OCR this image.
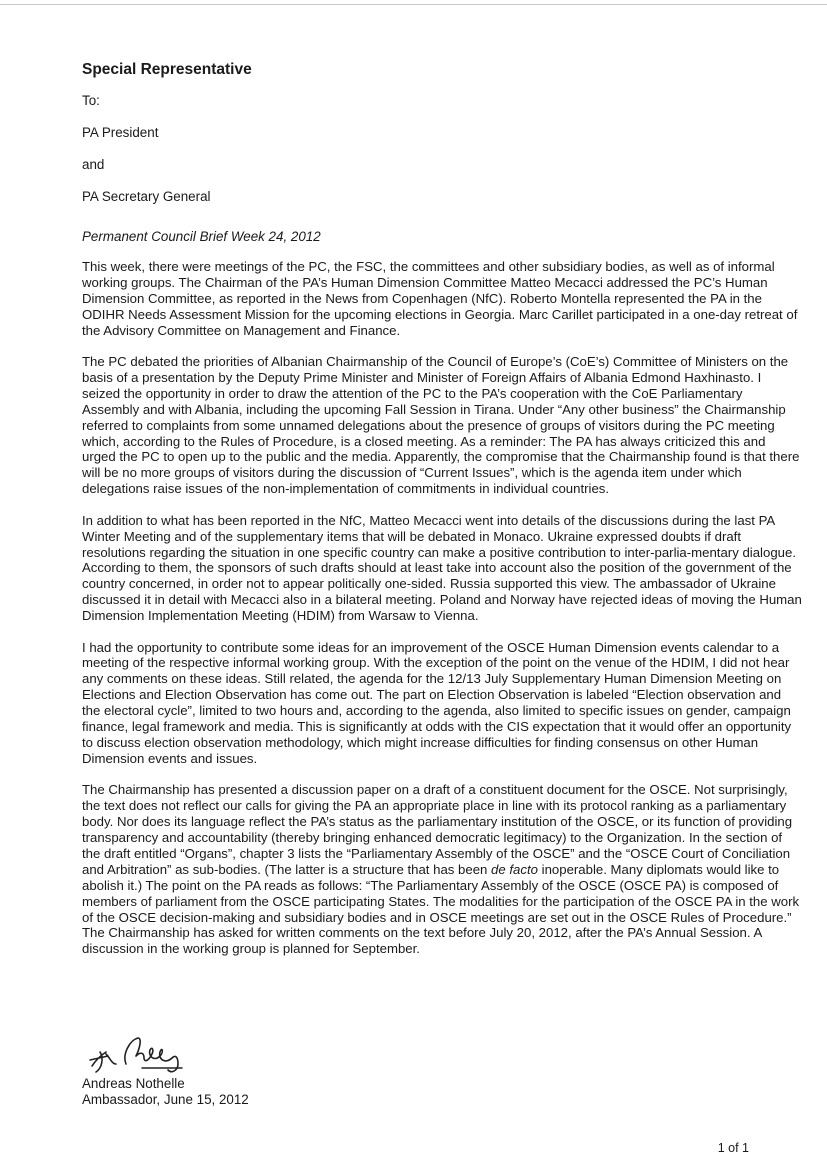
Special Representative

To:

PA President

and

PA Secretary General

Permanent Council Brief Week 24, 2012

This week, there were meetings of the PC, the FSC, the committees and other subsidiary bodies, as well as of informal working groups. The Chairman of the PA’s Human Dimension Committee Matteo Mecacci addressed the PC’s Human Dimension Committee, as reported in the News from Copenhagen (NfC). Roberto Montella represented the PA in the ODIHR Needs Assessment Mission for the upcoming elections in Georgia. Marc Carillet participated in a one-day retreat of the Advisory Committee on Management and Finance.

The PC debated the priorities of Albanian Chairmanship of the Council of Europe’s (CoE’s) Committee of Ministers on the basis of a presentation by the Deputy Prime Minister and Minister of Foreign Affairs of Albania Edmond Haxhinasto. I seized the opportunity in order to draw the attention of the PC to the PA’s cooperation with the CoE Parliamentary Assembly and with Albania, including the upcoming Fall Session in Tirana. Under “Any other business” the Chairmanship referred to complaints from some unnamed delegations about the presence of groups of visitors during the PC meeting which, according to the Rules of Procedure, is a closed meeting. As a reminder: The PA has always criticized this and urged the PC to open up to the public and the media. Apparently, the compromise that the Chairmanship found is that there will be no more groups of visitors during the discussion of “Current Issues”, which is the agenda item under which delegations raise issues of the non-implementation of commitments in individual countries.

In addition to what has been reported in the NfC, Matteo Mecacci went into details of the discussions during the last PA Winter Meeting and of the supplementary items that will be debated in Monaco. Ukraine expressed doubts if draft resolutions regarding the situation in one specific country can make a positive contribution to inter-parlia-mentary dialogue. According to them, the sponsors of such drafts should at least take into account also the position of the government of the country concerned, in order not to appear politically one-sided. Russia supported this view. The ambassador of Ukraine discussed it in detail with Mecacci also in a bilateral meeting. Poland and Norway have rejected ideas of moving the Human Dimension Implementation Meeting (HDIM) from Warsaw to Vienna.

I had the opportunity to contribute some ideas for an improvement of the OSCE Human Dimension events calendar to a meeting of the respective informal working group. With the exception of the point on the venue of the HDIM, I did not hear any comments on these ideas. Still related, the agenda for the 12/13 July Supplementary Human Dimension Meeting on Elections and Election Observation has come out. The part on Election Observation is labeled “Election observation and the electoral cycle”, limited to two hours and, according to the agenda, also limited to specific issues on gender, campaign finance, legal framework and media. This is significantly at odds with the CIS expectation that it would offer an opportunity to discuss election observation methodology, which might increase difficulties for finding consensus on other Human Dimension events and issues.

The Chairmanship has presented a discussion paper on a draft of a constituent document for the OSCE. Not surprisingly, the text does not reflect our calls for giving the PA an appropriate place in line with its protocol ranking as a parliamentary body. Nor does its language reflect the PA’s status as the parliamentary institution of the OSCE, or its function of providing transparency and accountability (thereby bringing enhanced democratic legitimacy) to the Organization. In the section of the draft entitled “Organs”, chapter 3 lists the “Parliamentary Assembly of the OSCE” and the “OSCE Court of Conciliation and Arbitration” as sub-bodies. (The latter is a structure that has been de facto inoperable. Many diplomats would like to abolish it.) The point on the PA reads as follows: “The Parliamentary Assembly of the OSCE (OSCE PA) is composed of members of parliament from the OSCE participating States. The modalities for the participation of the OSCE PA in the work of the OSCE decision-making and subsidiary bodies and in OSCE meetings are set out in the OSCE Rules of Procedure.” The Chairmanship has asked for written comments on the text before July 20, 2012, after the PA’s Annual Session. A discussion in the working group is planned for September.

Andreas Nothelle

Ambassador, June 15, 2012

1 of 1
